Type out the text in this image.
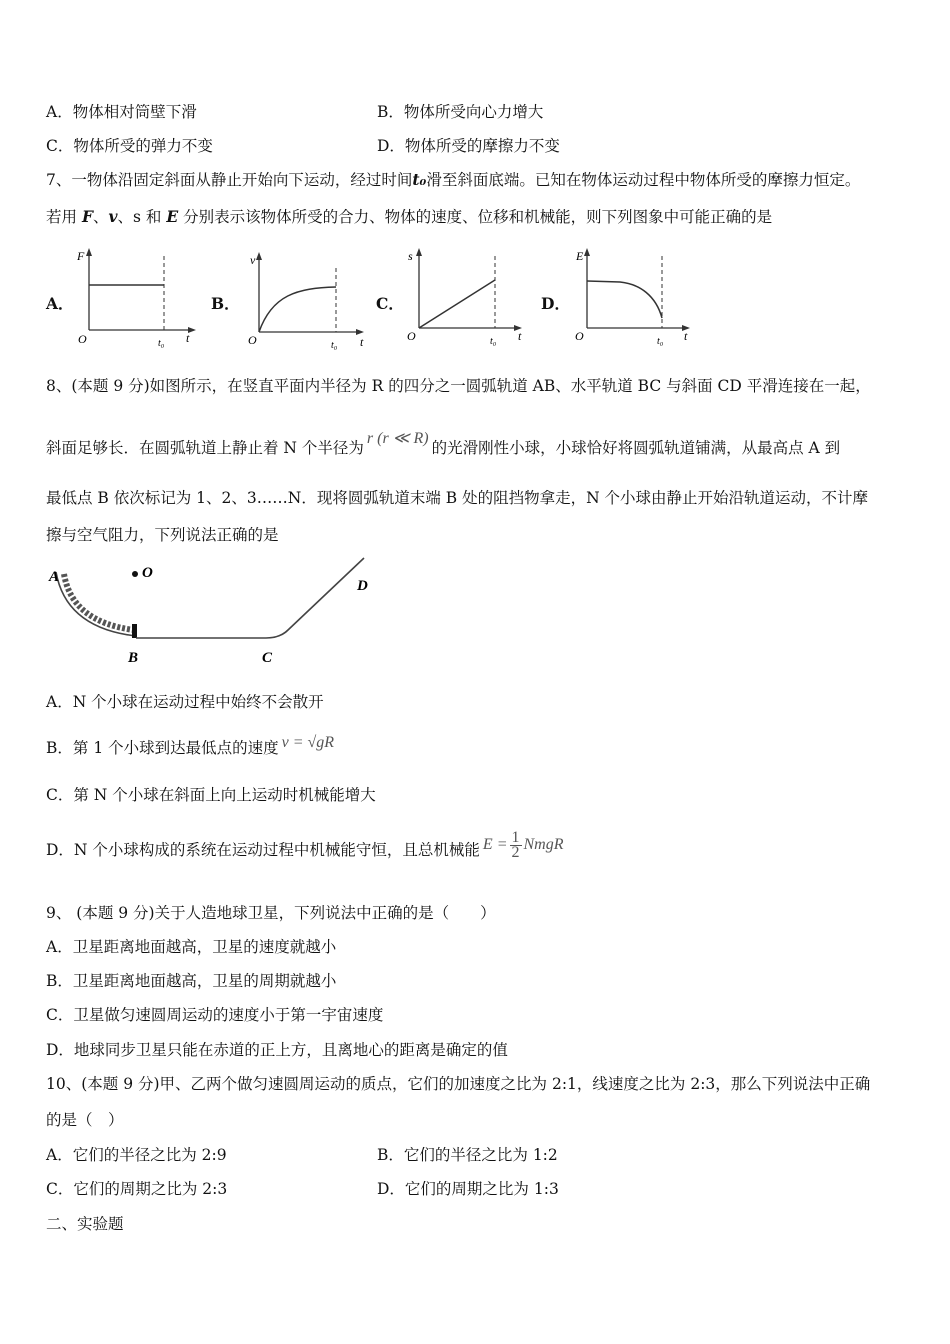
A．物体相对筒壁下滑	B．物体所受向心力增大
C．物体所受的弹力不变	D．物体所受的摩擦力不变
7、一物体沿固定斜面从静止开始向下运动，经过时间t₀滑至斜面底端。已知在物体运动过程中物体所受的摩擦力恒定。
若用 F、v、s 和 E 分别表示该物体所受的合力、物体的速度、位移和机械能，则下列图象中可能正确的是
A．	B．	C．	D．
F
O	t
t₀
v
O	t
t₀
s
O	t
t₀
E
O	t
t₀
8、(本题 9 分)如图所示，在竖直平面内半径为 R 的四分之一圆弧轨道 AB、水平轨道 BC 与斜面 CD 平滑连接在一起，
斜面足够长．在圆弧轨道上静止着 N 个半径为r (r ≪ R)的光滑刚性小球，小球恰好将圆弧轨道铺满，从最高点 A 到
最低点 B 依次标记为 1、2、3……N．现将圆弧轨道末端 B 处的阻挡物拿走，N 个小球由静止开始沿轨道运动，不计摩
擦与空气阻力，下列说法正确的是
O
A
B	C
D
A．N 个小球在运动过程中始终不会散开
B．第 1 个小球到达最低点的速度 v = √gR
C．第 N 个小球在斜面上向上运动时机械能增大
D．N 个小球构成的系统在运动过程中机械能守恒，且总机械能 $E = \frac{1}{2}$ NmgR
9、 (本题 9 分)关于人造地球卫星，下列说法中正确的是（　　）
A．卫星距离地面越高，卫星的速度就越小
B．卫星距离地面越高，卫星的周期就越小
C．卫星做匀速圆周运动的速度小于第一宇宙速度
D．地球同步卫星只能在赤道的正上方，且离地心的距离是确定的值
10、(本题 9 分)甲、乙两个做匀速圆周运动的质点，它们的加速度之比为 2:1，线速度之比为 2:3，那么下列说法中正确
的是（　）
A．它们的半径之比为 2:9	B．它们的半径之比为 1:2
C．它们的周期之比为 2:3	D．它们的周期之比为 1:3
二、实验题
